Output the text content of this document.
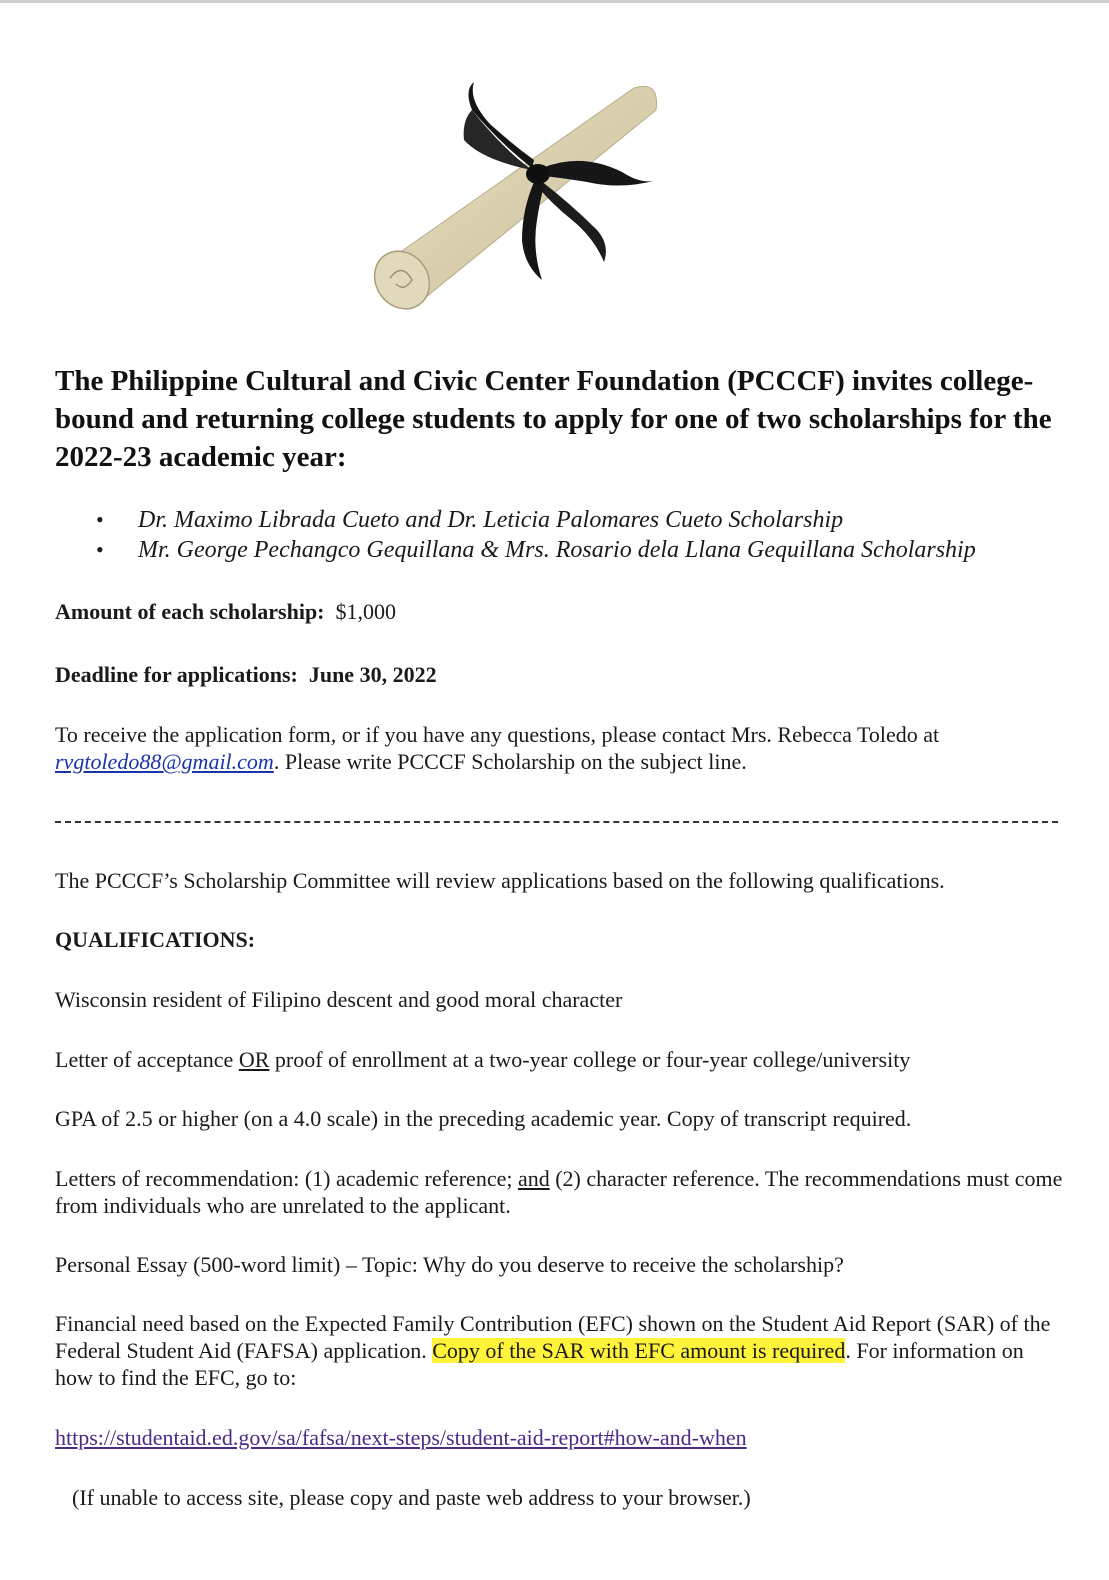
The Philippine Cultural and Civic Center Foundation (PCCCF) invites college-bound and returning college students to apply for one of two scholarships for the 2022-23 academic year:
• Dr. Maximo Librada Cueto and Dr. Leticia Palomares Cueto Scholarship
• Mr. George Pechangco Gequillana & Mrs. Rosario dela Llana Gequillana Scholarship
Amount of each scholarship: $1,000
Deadline for applications: June 30, 2022
To receive the application form, or if you have any questions, please contact Mrs. Rebecca Toledo at rvgtoledo88@gmail.com. Please write PCCCF Scholarship on the subject line.
The PCCCF’s Scholarship Committee will review applications based on the following qualifications.
QUALIFICATIONS:
Wisconsin resident of Filipino descent and good moral character
Letter of acceptance OR proof of enrollment at a two-year college or four-year college/university
GPA of 2.5 or higher (on a 4.0 scale) in the preceding academic year. Copy of transcript required.
Letters of recommendation: (1) academic reference; and (2) character reference. The recommendations must come from individuals who are unrelated to the applicant.
Personal Essay (500-word limit) – Topic: Why do you deserve to receive the scholarship?
Financial need based on the Expected Family Contribution (EFC) shown on the Student Aid Report (SAR) of the Federal Student Aid (FAFSA) application. Copy of the SAR with EFC amount is required. For information on how to find the EFC, go to:
https://studentaid.ed.gov/sa/fafsa/next-steps/student-aid-report#how-and-when
(If unable to access site, please copy and paste web address to your browser.)
